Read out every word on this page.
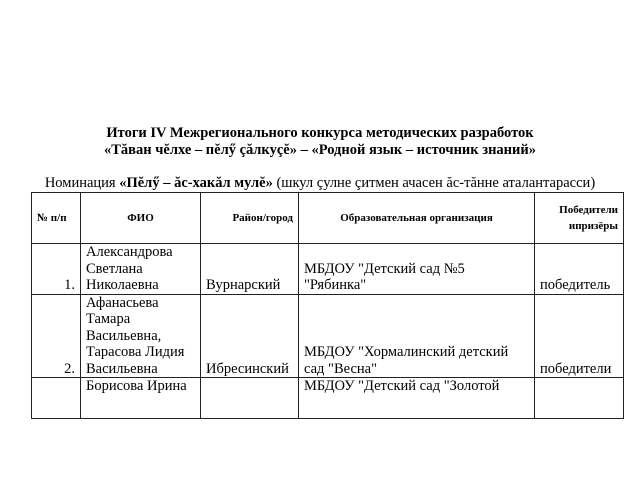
Итоги IV Межрегионального конкурса методических разработок
«Тăван чĕлхе – пĕлӳ çăлкуçĕ» – «Родной язык – источник знаний»
Номинация «Пĕлӳ – ăс-хакăл мулĕ» (шкул çулне çитмен ачасен ăс-тăнне аталантарасси)
№ п/п	ФИО	Район/город	Образовательная организация	Победители
ипризёры
1.	Александрова
Светлана
Николаевна	Вурнарский	МБДОУ "Детский сад №5 "Рябинка"	победитель
2.	Афанасьева
Тамара
Васильевна,
Тарасова Лидия
Васильевна	Ибресинский	МБДОУ "Хормалинский детский сад "Весна"	победители
	Борисова Ирина		МБДОУ "Детский сад "Золотой	
